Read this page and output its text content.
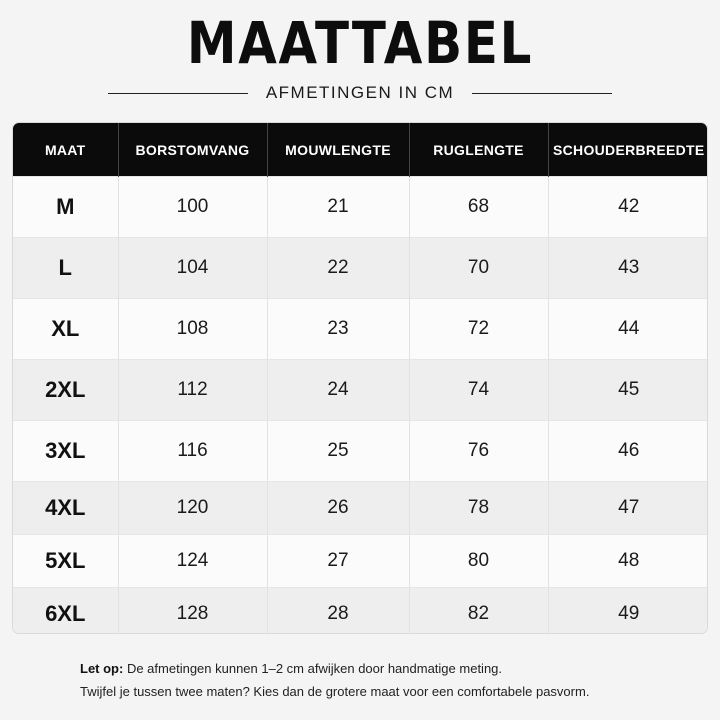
MAATTABEL
AFMETINGEN IN CM
MAAT	BORSTOMVANG	MOUWLENGTE	RUGLENGTE	SCHOUDERBREEDTE
M	100	21	68	42
L	104	22	70	43
XL	108	23	72	44
2XL	112	24	74	45
3XL	116	25	76	46
4XL	120	26	78	47
5XL	124	27	80	48
6XL	128	28	82	49
Let op: De afmetingen kunnen 1–2 cm afwijken door handmatige meting.
Twijfel je tussen twee maten? Kies dan de grotere maat voor een comfortabele pasvorm.
